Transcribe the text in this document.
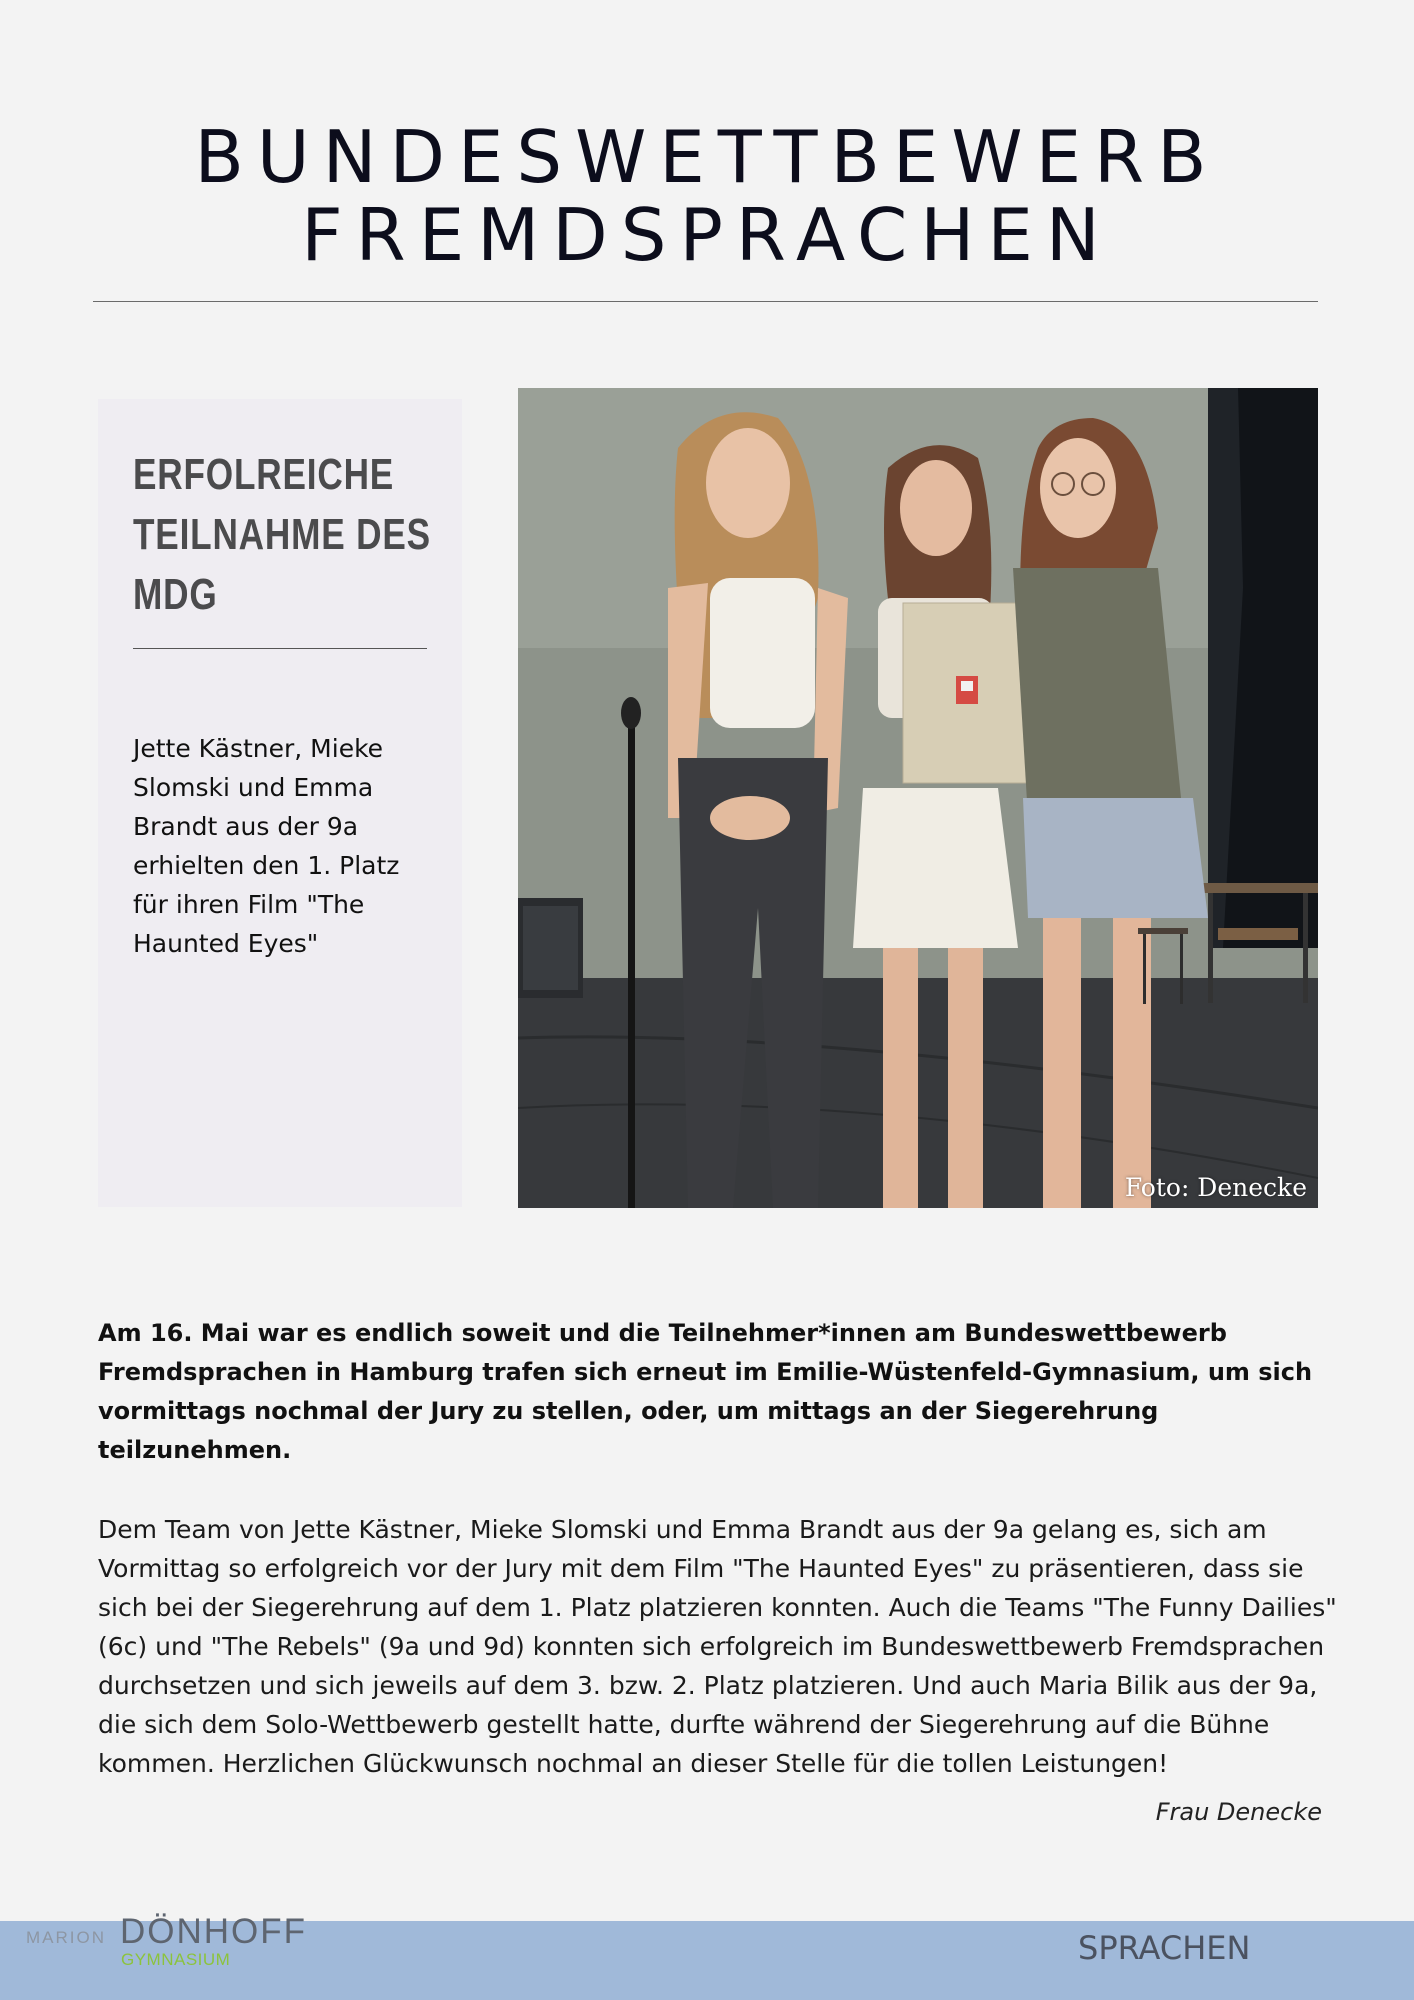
BUNDESWETTBEWERB
FREMDSPRACHEN
ERFOLREICHE TEILNAHME DES MDG
Jette Kästner, Mieke Slomski und Emma Brandt aus der 9a erhielten den 1. Platz für ihren Film "The Haunted Eyes"
Foto: Denecke

Am 16. Mai war es endlich soweit und die Teilnehmer*innen am Bundeswettbewerb Fremdsprachen in Hamburg trafen sich erneut im Emilie-Wüstenfeld-Gymnasium, um sich vormittags nochmal der Jury zu stellen, oder, um mittags an der Siegerehrung teilzunehmen.

Dem Team von Jette Kästner, Mieke Slomski und Emma Brandt aus der 9a gelang es, sich am Vormittag so erfolgreich vor der Jury mit dem Film "The Haunted Eyes" zu präsentieren, dass sie sich bei der Siegerehrung auf dem 1. Platz platzieren konnten. Auch die Teams "The Funny Dailies" (6c) und "The Rebels" (9a und 9d) konnten sich erfolgreich im Bundeswettbewerb Fremdsprachen durchsetzen und sich jeweils auf dem 3. bzw. 2. Platz platzieren. Und auch Maria Bilik aus der 9a, die sich dem Solo-Wettbewerb gestellt hatte, durfte während der Siegerehrung auf die Bühne kommen. Herzlichen Glückwunsch nochmal an dieser Stelle für die tollen Leistungen!

Frau Denecke
MARION DÖNHOFF
GYMNASIUM	SPRACHEN
